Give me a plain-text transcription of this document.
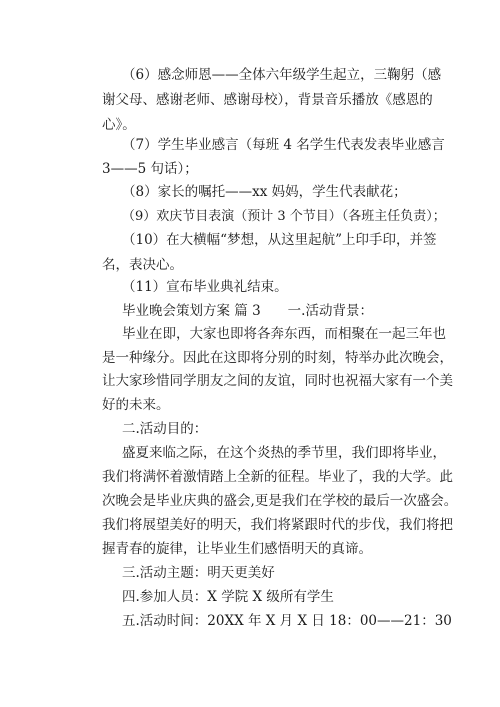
（6）感念师恩——全体六年级学生起立，三鞠躬（感
谢父母、感谢老师、感谢母校），背景音乐播放《感恩的
心》。
（7）学生毕业感言（每班 4 名学生代表发表毕业感言
3——5 句话）；
（8）家长的嘱托——xx 妈妈，学生代表献花；
（9）欢庆节目表演（预计 3 个节目）（各班主任负责）；
（10）在大横幅“梦想，从这里起航”上印手印，并签
名，表决心。
（11）宣布毕业典礼结束。
毕业晚会策划方案 篇 3　　一.活动背景：
毕业在即，大家也即将各奔东西，而相聚在一起三年也
是一种缘分。因此在这即将分别的时刻，特举办此次晚会，
让大家珍惜同学朋友之间的友谊，同时也祝福大家有一个美
好的未来。
二.活动目的：
盛夏来临之际，在这个炎热的季节里，我们即将毕业，
我们将满怀着激情踏上全新的征程。毕业了，我的大学。此
次晚会是毕业庆典的盛会,更是我们在学校的最后一次盛会。
我们将展望美好的明天，我们将紧跟时代的步伐，我们将把
握青春的旋律，让毕业生们感悟明天的真谛。
三.活动主题：明天更美好
四.参加人员：X 学院 X 级所有学生
五.活动时间：20XX 年 X 月 X 日 18：00——21：30
